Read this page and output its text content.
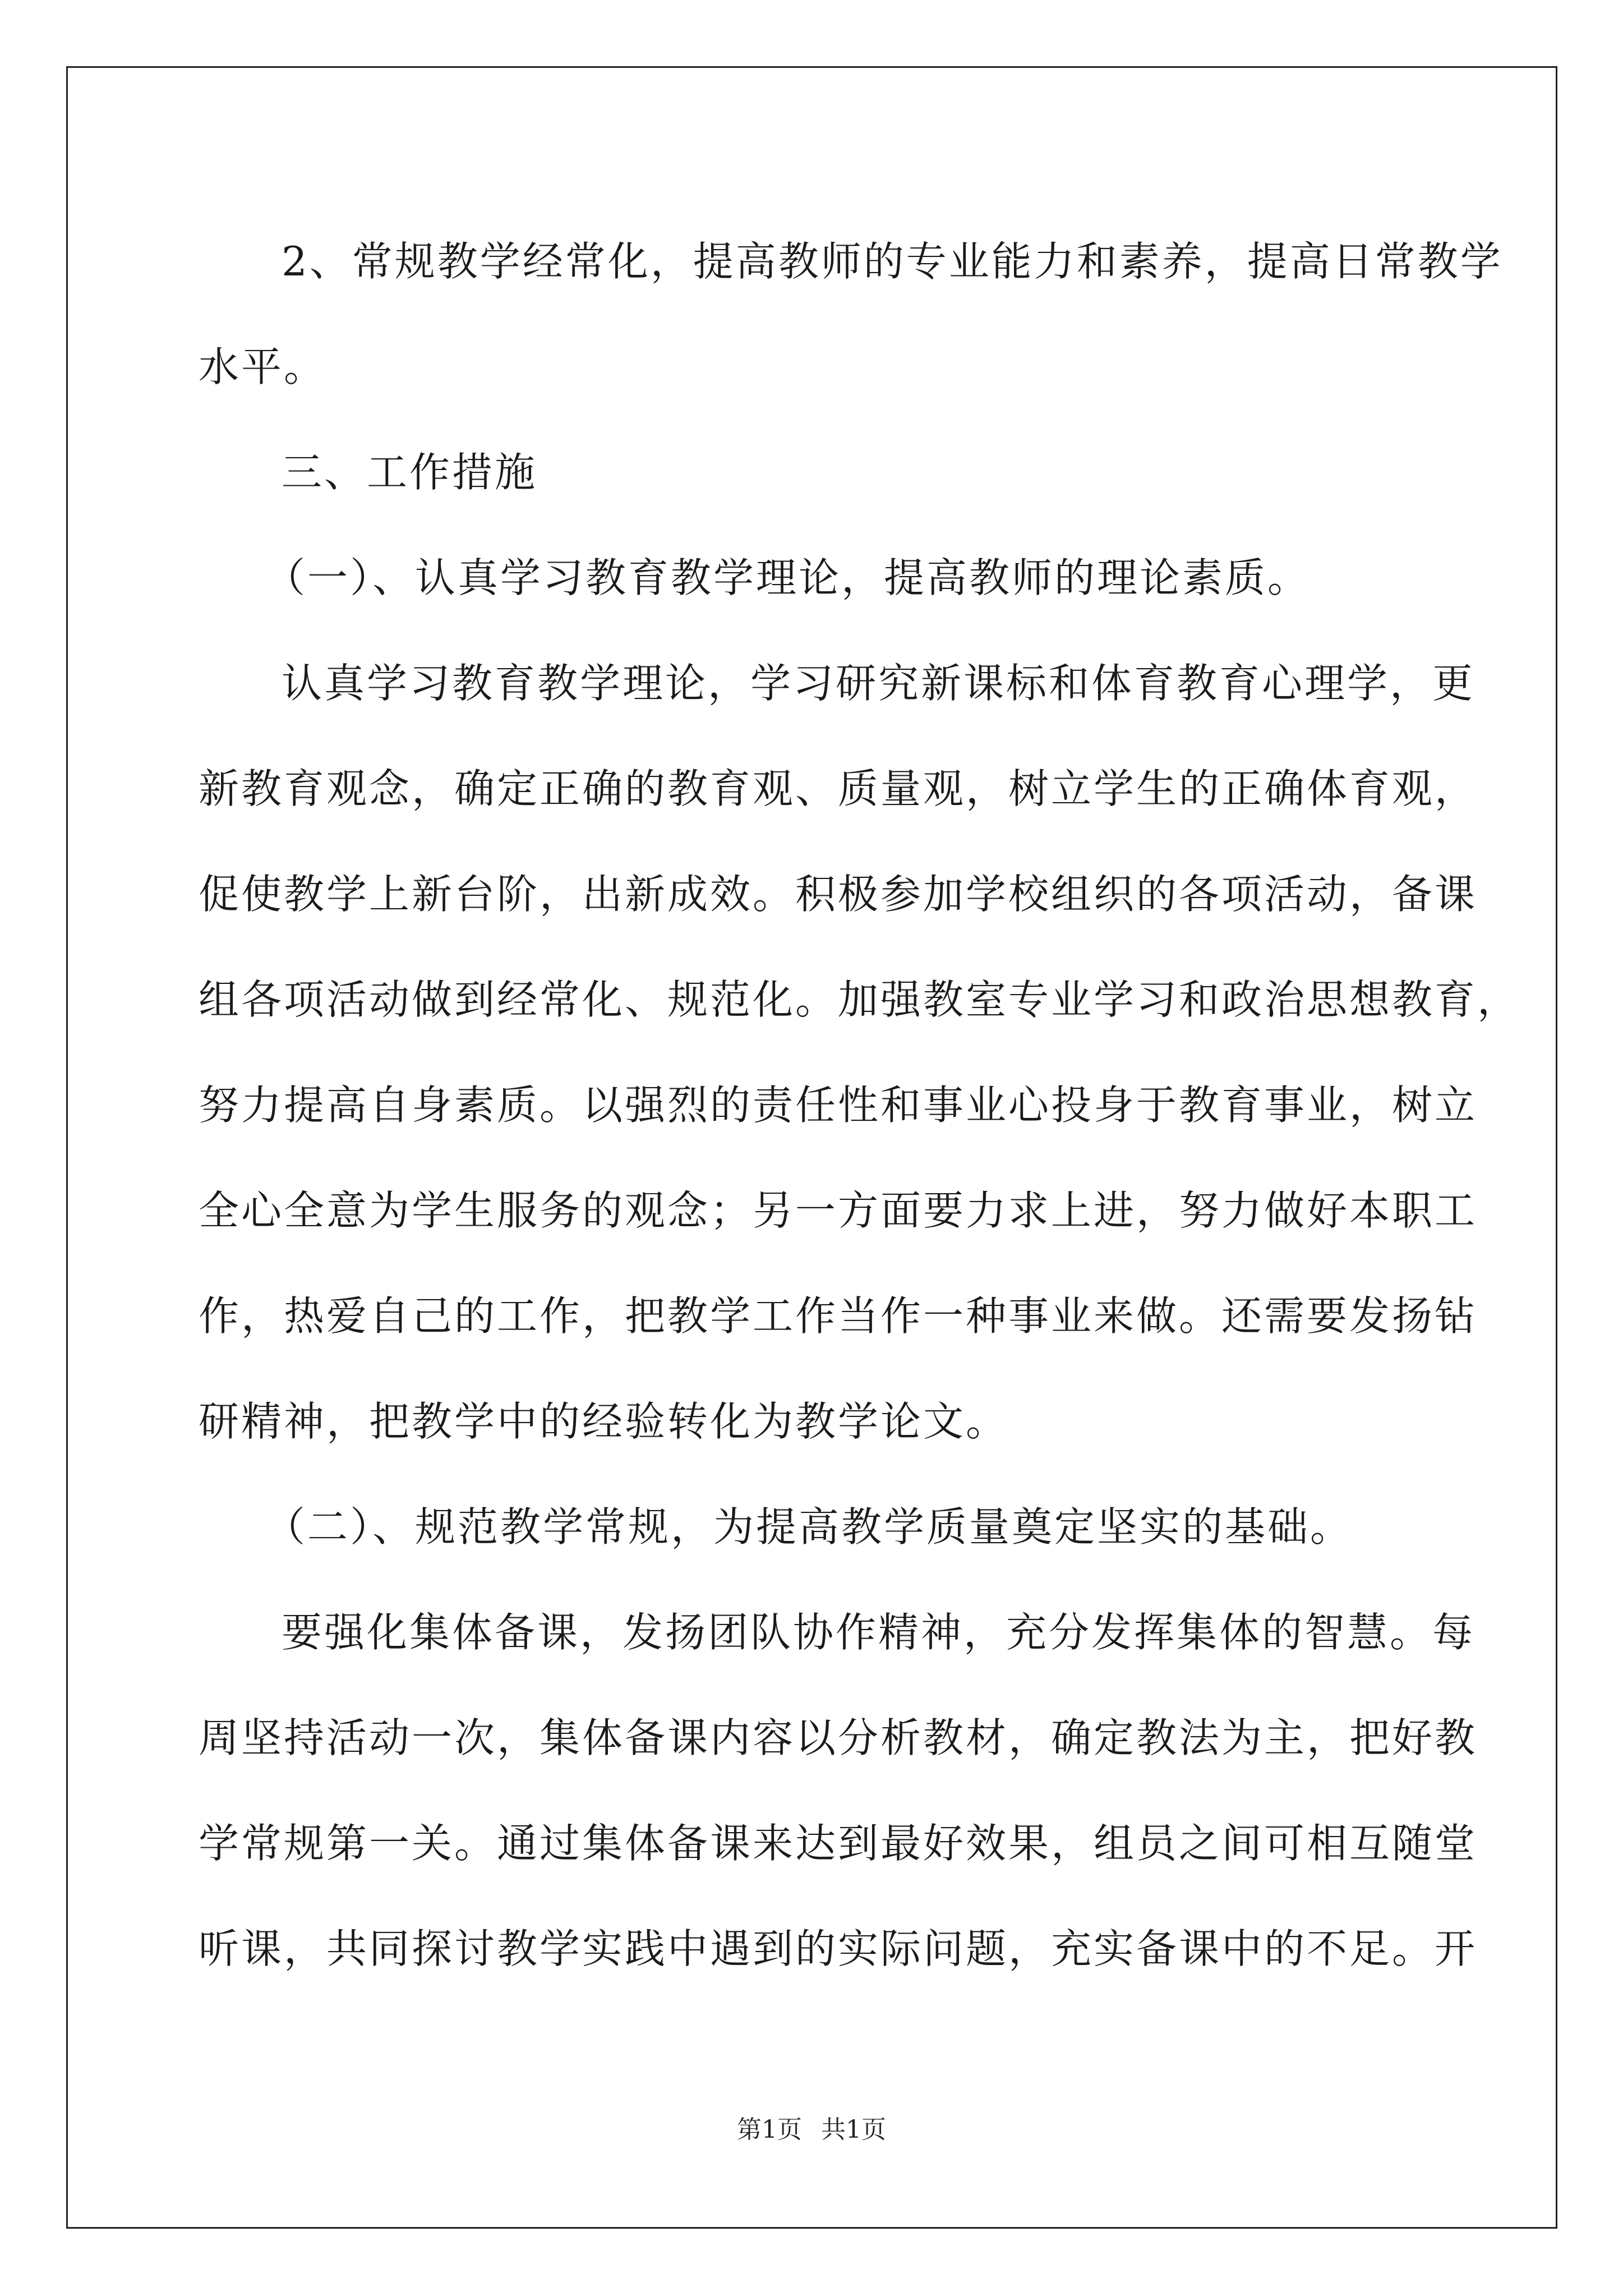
2、常规教学经常化，提高教师的专业能力和素养，提高日常教学
水平。

三、工作措施

（一）、认真学习教育教学理论，提高教师的理论素质。

认真学习教育教学理论，学习研究新课标和体育教育心理学，更
新教育观念，确定正确的教育观、质量观，树立学生的正确体育观，
促使教学上新台阶，出新成效。积极参加学校组织的各项活动，备课
组各项活动做到经常化、规范化。加强教室专业学习和政治思想教育，
努力提高自身素质。以强烈的责任性和事业心投身于教育事业，树立
全心全意为学生服务的观念；另一方面要力求上进，努力做好本职工
作，热爱自己的工作，把教学工作当作一种事业来做。还需要发扬钻
研精神，把教学中的经验转化为教学论文。

（二）、规范教学常规，为提高教学质量奠定坚实的基础。

要强化集体备课，发扬团队协作精神，充分发挥集体的智慧。每
周坚持活动一次，集体备课内容以分析教材，确定教法为主，把好教
学常规第一关。通过集体备课来达到最好效果，组员之间可相互随堂
听课，共同探讨教学实践中遇到的实际问题，充实备课中的不足。开

第1页 共1页
